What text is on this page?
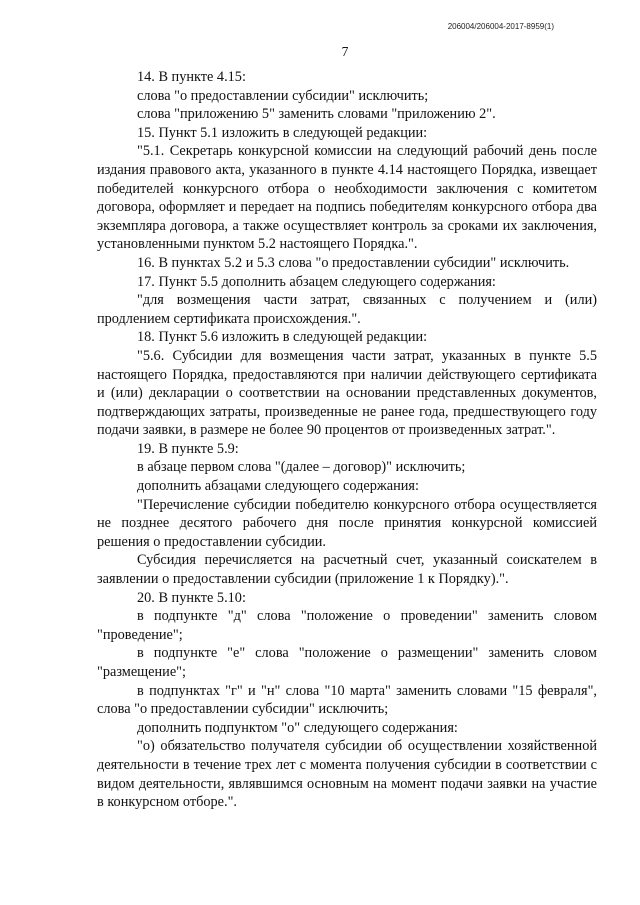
206004/206004-2017-8959(1)
7

14. В пункте 4.15:

слова "о предоставлении субсидии" исключить;

слова "приложению 5" заменить словами "приложению 2".

15. Пункт 5.1 изложить в следующей редакции:

"5.1. Секретарь конкурсной комиссии на следующий рабочий день после издания правового акта, указанного в пункте 4.14 настоящего Порядка, извещает победителей конкурсного отбора о необходимости заключения с комитетом договора, оформляет и передает на подпись победителям конкурсного отбора два экземпляра договора, а также осуществляет контроль за сроками их заключения, установленными пунктом 5.2 настоящего Порядка.".

16. В пунктах 5.2 и 5.3 слова "о предоставлении субсидии" исключить.

17. Пункт 5.5 дополнить абзацем следующего содержания:

"для возмещения части затрат, связанных с получением и (или) продлением сертификата происхождения.".

18. Пункт 5.6 изложить в следующей редакции:

"5.6. Субсидии для возмещения части затрат, указанных в пункте 5.5 настоящего Порядка, предоставляются при наличии действующего сертификата и (или) декларации о соответствии на основании представленных документов, подтверждающих затраты, произведенные не ранее года, предшествующего году подачи заявки, в размере не более 90 процентов от произведенных затрат.".

19. В пункте 5.9:

в абзаце первом слова "(далее – договор)" исключить;

дополнить абзацами следующего содержания:

"Перечисление субсидии победителю конкурсного отбора осуществляется не позднее десятого рабочего дня после принятия конкурсной комиссией решения о предоставлении субсидии.

Субсидия перечисляется на расчетный счет, указанный соискателем в заявлении о предоставлении субсидии (приложение 1 к Порядку).".

20. В пункте 5.10:

в подпункте "д" слова "положение о проведении" заменить словом "проведение";

в подпункте "е" слова "положение о размещении" заменить словом "размещение";

в подпунктах "г" и "н" слова "10 марта" заменить словами "15 февраля", слова "о предоставлении субсидии" исключить;

дополнить подпунктом "о" следующего содержания:

"о) обязательство получателя субсидии об осуществлении хозяйственной деятельности в течение трех лет с момента получения субсидии в соответствии с видом деятельности, являвшимся основным на момент подачи заявки на участие в конкурсном отборе.".
